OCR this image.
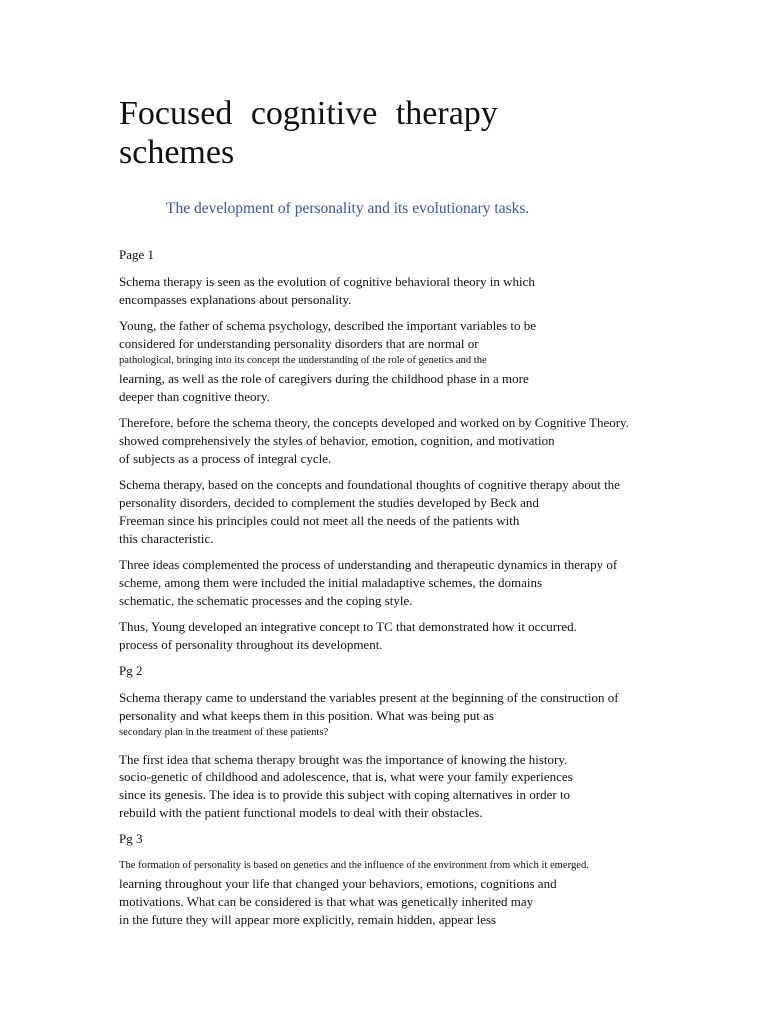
Focused cognitive therapy schemes

The development of personality and its evolutionary tasks.

Page 1

Schema therapy is seen as the evolution of cognitive behavioral theory in which
encompasses explanations about personality.

Young, the father of schema psychology, described the important variables to be
considered for understanding personality disorders that are normal or
pathological, bringing into its concept the understanding of the role of genetics and the
learning, as well as the role of caregivers during the childhood phase in a more
deeper than cognitive theory.

Therefore, before the schema theory, the concepts developed and worked on by Cognitive Theory.
showed comprehensively the styles of behavior, emotion, cognition, and motivation
of subjects as a process of integral cycle.

Schema therapy, based on the concepts and foundational thoughts of cognitive therapy about the
personality disorders, decided to complement the studies developed by Beck and
Freeman since his principles could not meet all the needs of the patients with
this characteristic.

Three ideas complemented the process of understanding and therapeutic dynamics in therapy of
scheme, among them were included the initial maladaptive schemes, the domains
schematic, the schematic processes and the coping style.

Thus, Young developed an integrative concept to TC that demonstrated how it occurred.
process of personality throughout its development.

Pg 2

Schema therapy came to understand the variables present at the beginning of the construction of
personality and what keeps them in this position. What was being put as
secondary plan in the treatment of these patients?

The first idea that schema therapy brought was the importance of knowing the history.
socio-genetic of childhood and adolescence, that is, what were your family experiences
since its genesis. The idea is to provide this subject with coping alternatives in order to
rebuild with the patient functional models to deal with their obstacles.

Pg 3

The formation of personality is based on genetics and the influence of the environment from which it emerged.
learning throughout your life that changed your behaviors, emotions, cognitions and
motivations. What can be considered is that what was genetically inherited may
in the future they will appear more explicitly, remain hidden, appear less
